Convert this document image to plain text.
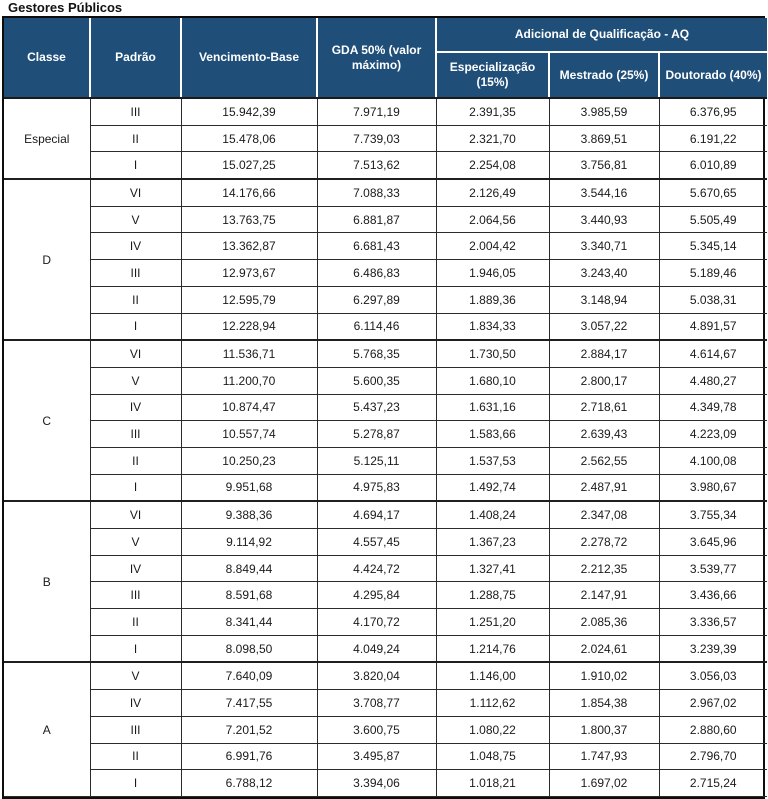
Gestores Públicos
Classe	Padrão	Vencimento-Base	GDA 50% (valor máximo)	Adicional de Qualificação - AQ		
				Especialização (15%)	Mestrado (25%)	Doutorado (40%)
Especial	III	15.942,39	7.971,19	2.391,35	3.985,59	6.376,95
	II	15.478,06	7.739,03	2.321,70	3.869,51	6.191,22
	I	15.027,25	7.513,62	2.254,08	3.756,81	6.010,89
D	VI	14.176,66	7.088,33	2.126,49	3.544,16	5.670,65
	V	13.763,75	6.881,87	2.064,56	3.440,93	5.505,49
	IV	13.362,87	6.681,43	2.004,42	3.340,71	5.345,14
	III	12.973,67	6.486,83	1.946,05	3.243,40	5.189,46
	II	12.595,79	6.297,89	1.889,36	3.148,94	5.038,31
	I	12.228,94	6.114,46	1.834,33	3.057,22	4.891,57
C	VI	11.536,71	5.768,35	1.730,50	2.884,17	4.614,67
	V	11.200,70	5.600,35	1.680,10	2.800,17	4.480,27
	IV	10.874,47	5.437,23	1.631,16	2.718,61	4.349,78
	III	10.557,74	5.278,87	1.583,66	2.639,43	4.223,09
	II	10.250,23	5.125,11	1.537,53	2.562,55	4.100,08
	I	9.951,68	4.975,83	1.492,74	2.487,91	3.980,67
B	VI	9.388,36	4.694,17	1.408,24	2.347,08	3.755,34
	V	9.114,92	4.557,45	1.367,23	2.278,72	3.645,96
	IV	8.849,44	4.424,72	1.327,41	2.212,35	3.539,77
	III	8.591,68	4.295,84	1.288,75	2.147,91	3.436,66
	II	8.341,44	4.170,72	1.251,20	2.085,36	3.336,57
	I	8.098,50	4.049,24	1.214,76	2.024,61	3.239,39
A	V	7.640,09	3.820,04	1.146,00	1.910,02	3.056,03
	IV	7.417,55	3.708,77	1.112,62	1.854,38	2.967,02
	III	7.201,52	3.600,75	1.080,22	1.800,37	2.880,60
	II	6.991,76	3.495,87	1.048,75	1.747,93	2.796,70
	I	6.788,12	3.394,06	1.018,21	1.697,02	2.715,24
